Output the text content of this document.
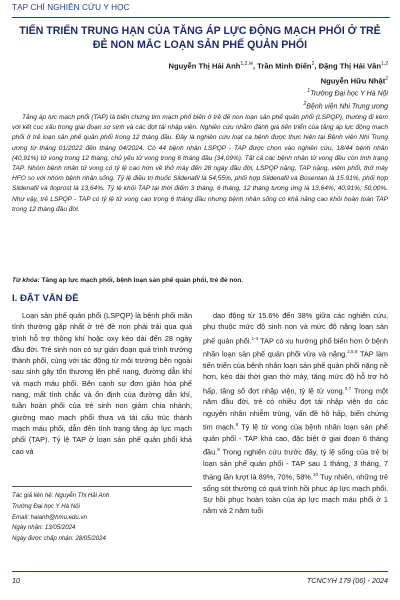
TẠP CHÍ NGHIÊN CỨU Y HỌC
TIẾN TRIỂN TRUNG HẠN CỦA TĂNG ÁP LỰC ĐỘNG MẠCH PHỔI Ở TRẺ ĐẺ NON MẮC LOẠN SẢN PHẾ QUẢN PHỔI
Nguyễn Thị Hải Anh$^{1,2,✉}$, Trần Minh Điển$^2$, Đặng Thị Hải Vân$^{1,2}$
Nguyễn Hữu Nhật$^2$
$^1$Trường Đại học Y Hà Nội
$^2$Bệnh viện Nhi Trung ương
Tăng áp lực mạch phổi (TAP) là biến chứng tim mạch phổ biến ở trẻ đẻ non loạn sản phế quản phổi (LSPQP), thường đi kèm với kết cục xấu trong giai đoạn sơ sinh và các đợt tái nhập viện. Nghiên cứu nhằm đánh giá tiến triển của tăng áp lực động mạch phổi ở trẻ loạn sản phế quản phổi trong 12 tháng đầu. Đây là nghiên cứu loạt ca bệnh được thực hiện tại Bệnh viện Nhi Trung ương từ tháng 01/2022 đến tháng 04/2024. Có 44 bệnh nhân LSPQP - TAP được chọn vào nghiên cứu, 18/44 bệnh nhân (40,91%) tử vong trong 12 tháng, chủ yếu tử vong trong 6 tháng đầu (34,09%). Tất cả các bệnh nhân tử vong đều còn tình trạng TAP. Nhóm bệnh nhân tử vong có tỷ lệ cao hơn về thở máy đến 28 ngày đầu đời, LSPQP nặng, TAP nặng, viêm phổi, thở máy HFO so với nhóm bệnh nhân sống. Tỷ lệ điều trị thuốc Sildenafil là 54,55%, phối hợp Sildenafil và Bosentan là 15.91%, phối hợp Sildenafil và Iloprost là 13,64%. Tỷ lệ khỏi TAP tại thời điểm 3 tháng, 6 tháng, 12 tháng tương ứng là 13,64%; 40,91%; 50,00%. Như vậy, trẻ LSPQP - TAP có tỷ lệ tử vong cao trong 6 tháng đầu nhưng bệnh nhân sống có khả năng cao khỏi hoàn toàn TAP trong 12 tháng đầu đời.
Từ khóa: Tăng áp lực mạch phổi, bệnh loạn sản phế quản phổi, trẻ đẻ non.
I. ĐẶT VẤN ĐỀ
Loạn sản phế quản phổi (LSPQP) là bệnh phổi mãn tính thường gặp nhất ở trẻ đẻ non phải trải qua quá trình hỗ trợ thông khí hoặc oxy kéo dài đến 28 ngày đầu đời. Trẻ sinh non có sự gián đoạn quá trình trưởng thành phổi, cùng với tác động từ môi trường bên ngoài sau sinh gây tổn thương lên phế nang, đường dẫn khí và mạch máu phổi. Bên cạnh sự đơn giản hóa phế nang, mất tính chắc và ổn định của đường dẫn khí, tuần hoàn phổi của trẻ sinh non giảm chia nhánh, giường mao mạch phổi thưa và tái cấu trúc thành mạch máu phổi, dẫn đến tình trạng tăng áp lực mạch phổi (TAP). Tỷ lệ TAP ở loạn sản phế quản phổi khá cao và

dao động từ 15.6% đến 38% giữa các nghiên cứu, phụ thuộc mức độ sinh non và mức độ nặng loạn sản phế quản phổi.$^{1-4}$ TAP có xu hướng phổ biến hơn ở bệnh nhân loạn sản phế quản phổi vừa và nặng.$^{2,5,6}$ TAP làm tiến triển của bệnh nhân loạn sản phế quản phổi nặng nề hơn, kéo dài thời gian thở máy, tăng mức độ hỗ trợ hô hấp, tăng số đợt nhập viện, tỷ lệ tử vong.$^{3,7}$ Trong một năm đầu đời, trẻ có nhiều đợt tái nhập viện do các nguyên nhân nhiễm trùng, vấn đề hô hấp, biến chứng tim mạch.$^8$ Tỷ lệ tử vong của bệnh nhân loạn sản phế quản phổi - TAP khá cao, đặc biệt ở giai đoạn 6 tháng đầu.$^9$ Trong nghiên cứu trước đây, tỷ lệ sống của trẻ bị loạn sản phế quản phổi - TAP sau 1 tháng, 3 tháng, 7 tháng lần lượt là 89%, 70%, 58%.$^{10}$ Tuy nhiên, những trẻ sống sót thường có quá trình hồi phục áp lực mạch phổi. Sự hồi phục hoàn toàn của áp lực mạch máu phổi ở 1 năm và 2 năm tuổi

Tác giả liên hệ: Nguyễn Thị Hải Anh
Trường Đại học Y Hà Nội
Email: haianh@hmu.edu.vn
Ngày nhận: 13/05/2024
Ngày được chấp nhận: 28/05/2024
10	TCNCYH 179 (06) - 2024
